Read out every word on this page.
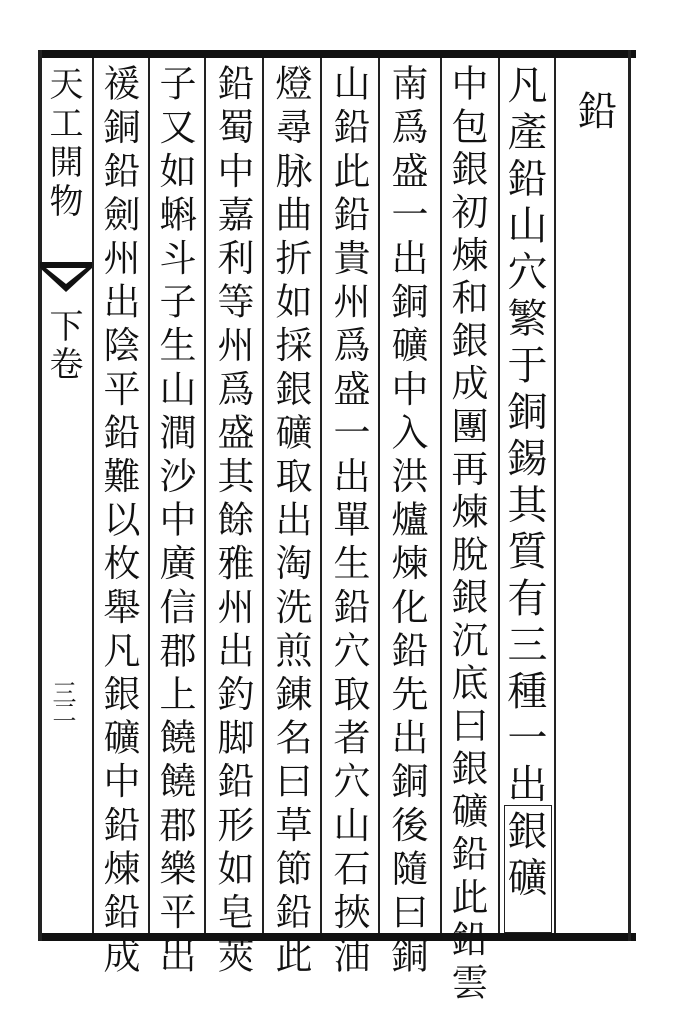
天工開物
下卷
三二
鉛
凡產鉛山穴繁于銅錫其質有三種一出銀礦
中包銀初煉和銀成團再煉脫銀沉底曰銀礦鉛此鉛雲
南爲盛一出銅礦中入洪爐煉化鉛先出銅後隨曰銅
山鉛此鉛貴州爲盛一出單生鉛穴取者穴山石挾油
燈尋脉曲折如採銀礦取出淘洗煎錬名曰草節鉛此
鉛蜀中嘉利等州爲盛其餘雅州出釣脚鉛形如皂莢
子又如蝌斗子生山澗沙中廣信郡上饒饒郡樂平出
禐銅鉛劍州出陰平鉛難以枚舉凡銀礦中鉛煉鉛成
